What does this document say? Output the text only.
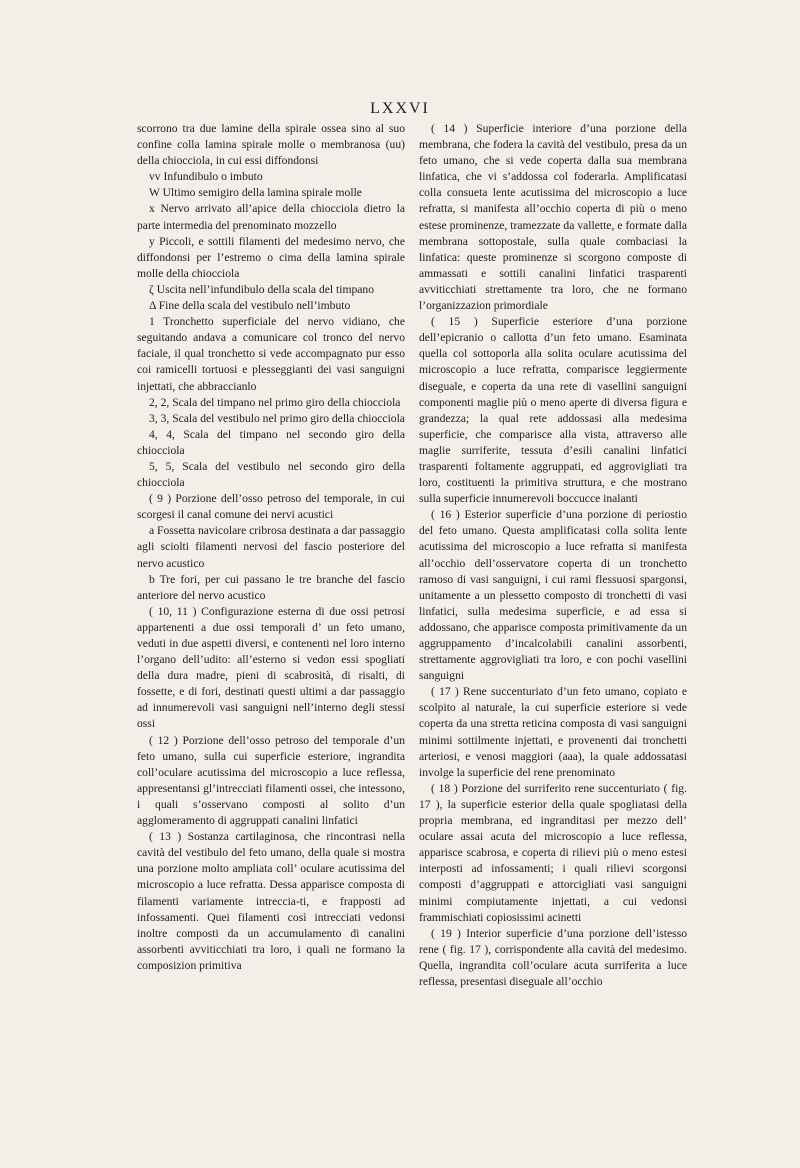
LXXVI

scorrono tra due lamine della spirale ossea sino al suo confine colla lamina spirale molle o membranosa (uu) della chiocciola, in cui essi diffondonsi

vv Infundibulo o imbuto

W Ultimo semigiro della lamina spirale molle

x Nervo arrivato all’apice della chiocciola dietro la parte intermedia del prenominato mozzello

y Piccoli, e sottili filamenti del medesimo nervo, che diffondonsi per l’estremo o cima della lamina spirale molle della chiocciola

ζ Uscita nell’infundibulo della scala del timpano

Δ Fine della scala del vestibulo nell’imbuto

1 Tronchetto superficiale del nervo vidiano, che seguitando andava a comunicare col tronco del nervo faciale, il qual tronchetto si vede accompagnato pur esso coi ramicelli tortuosi e plesseggianti dei vasi sanguigni injettati, che abbraccianlo

2, 2, Scala del timpano nel primo giro della chiocciola

3, 3, Scala del vestibulo nel primo giro della chiocciola

4, 4, Scala del timpano nel secondo giro della chiocciola

5, 5, Scala del vestibulo nel secondo giro della chiocciola

( 9 ) Porzione dell’osso petroso del temporale, in cui scorgesi il canal comune dei nervi acustici

a Fossetta navicolare cribrosa destinata a dar passaggio agli sciolti filamenti nervosi del fascio posteriore del nervo acustico

b Tre fori, per cui passano le tre branche del fascio anteriore del nervo acustico

( 10, 11 ) Configurazione esterna di due ossi petrosi appartenenti a due ossi temporali d’ un feto umano, veduti in due aspetti diversi, e contenenti nel loro interno l’organo dell’udito: all’esterno si vedon essi spogliati della dura madre, pieni di scabrosità, di risalti, di fossette, e di fori, destinati questi ultimi a dar passaggio ad innumerevoli vasi sanguigni nell’interno degli stessi ossi

( 12 ) Porzione dell’osso petroso del temporale d’un feto umano, sulla cui superficie esteriore, ingrandita coll’oculare acutissima del microscopio a luce reflessa, appresentansi gl’intrecciati filamenti ossei, che intessono, i quali s’osservano composti al solito d’un agglomeramento di aggruppati canalini linfatici

( 13 ) Sostanza cartilaginosa, che rincontrasi nella cavità del vestibulo del feto umano, della quale si mostra una porzione molto ampliata coll’ oculare acutissima del microscopio a luce refratta. Dessa apparisce composta di filamenti variamente intreccia-ti, e frapposti ad infossamenti. Quei filamenti così intrecciati vedonsi inoltre composti da un accumulamento di canalini assorbenti avviticchiati tra loro, i quali ne formano la composizion primitiva

( 14 ) Superficie interiore d’una porzione della membrana, che fodera la cavità del vestibulo, presa da un feto umano, che si vede coperta dalla sua membrana linfatica, che vi s’addossa col foderarla. Amplificatasi colla consueta lente acutissima del microscopio a luce refratta, si manifesta all’occhio coperta di più o meno estese prominenze, tramezzate da vallette, e formate dalla membrana sottopostale, sulla quale combaciasi la linfatica: queste prominenze si scorgono composte di ammassati e sottili canalini linfatici trasparenti avviticchiati strettamente tra loro, che ne formano l’organizzazion primordiale

( 15 ) Superficie esteriore d’una porzione dell’epicranio o callotta d’un feto umano. Esaminata quella col sottoporla alla solita oculare acutissima del microscopio a luce refratta, comparisce leggiermente diseguale, e coperta da una rete di vasellini sanguigni componenti maglie più o meno aperte di diversa figura e grandezza; la qual rete addossasi alla medesima superficie, che comparisce alla vista, attraverso alle maglie surriferite, tessuta d’esili canalini linfatici trasparenti foltamente aggruppati, ed aggrovigliati tra loro, costituenti la primitiva struttura, e che mostrano sulla superficie innumerevoli boccucce inalanti

( 16 ) Esterior superficie d’una porzione di periostio del feto umano. Questa amplificatasi colla solita lente acutissima del microscopio a luce refratta si manifesta all’occhio dell’osservatore coperta di un tronchetto ramoso di vasi sanguigni, i cui rami flessuosi spargonsi, unitamente a un plessetto composto di tronchetti di vasi linfatici, sulla medesima superficie, e ad essa si addossano, che apparisce composta primitivamente da un aggruppamento d’incalcolabili canalini assorbenti, strettamente aggrovigliati tra loro, e con pochi vasellini sanguigni

( 17 ) Rene succenturiato d’un feto umano, copiato e scolpito al naturale, la cui superficie esteriore si vede coperta da una stretta reticina composta di vasi sanguigni minimi sottilmente injettati, e provenenti dai tronchetti arteriosi, e venosi maggiori (aaa), la quale addossatasi involge la superficie del rene prenominato

( 18 ) Porzione del surriferito rene succenturiato ( fig. 17 ), la superficie esterior della quale spogliatasi della propria membrana, ed ingranditasi per mezzo dell’ oculare assai acuta del microscopio a luce reflessa, apparisce scabrosa, e coperta di rilievi più o meno estesi interposti ad infossamenti; i quali rilievi scorgonsi composti d’aggruppati e attorcigliati vasi sanguigni minimi compiutamente injettati, a cui vedonsi frammischiati copiosissimi acinetti

( 19 ) Interior superficie d’una porzione dell’istesso rene ( fig. 17 ), corrispondente alla cavità del medesimo. Quella, ingrandita coll’oculare acuta surriferita a luce reflessa, presentasi diseguale all’occhio
